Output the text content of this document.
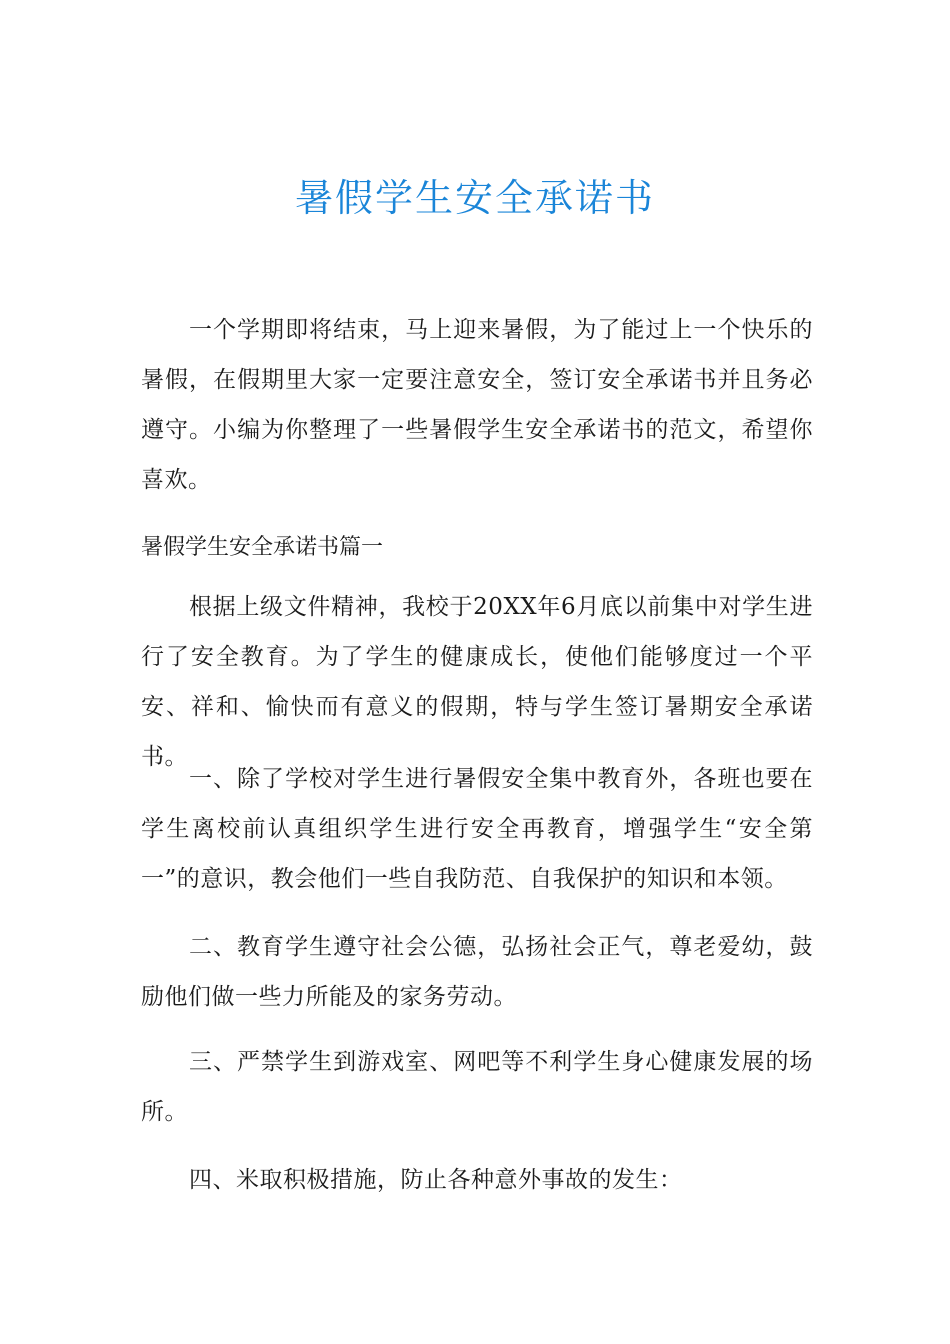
暑假学生安全承诺书

一个学期即将结束，马上迎来暑假，为了能过上一个快乐的暑假，在假期里大家一定要注意安全，签订安全承诺书并且务必遵守。小编为你整理了一些暑假学生安全承诺书的范文，希望你喜欢。

暑假学生安全承诺书篇一

根据上级文件精神，我校于20XX年6月底以前集中对学生进行了安全教育。为了学生的健康成长，使他们能够度过一个平安、祥和、愉快而有意义的假期，特与学生签订暑期安全承诺书。

一、除了学校对学生进行暑假安全集中教育外，各班也要在学生离校前认真组织学生进行安全再教育，增强学生“安全第一”的意识，教会他们一些自我防范、自我保护的知识和本领。

二、教育学生遵守社会公德，弘扬社会正气，尊老爱幼，鼓励他们做一些力所能及的家务劳动。

三、严禁学生到游戏室、网吧等不利学生身心健康发展的场所。

四、米取积极措施，防止各种意外事故的发生：
